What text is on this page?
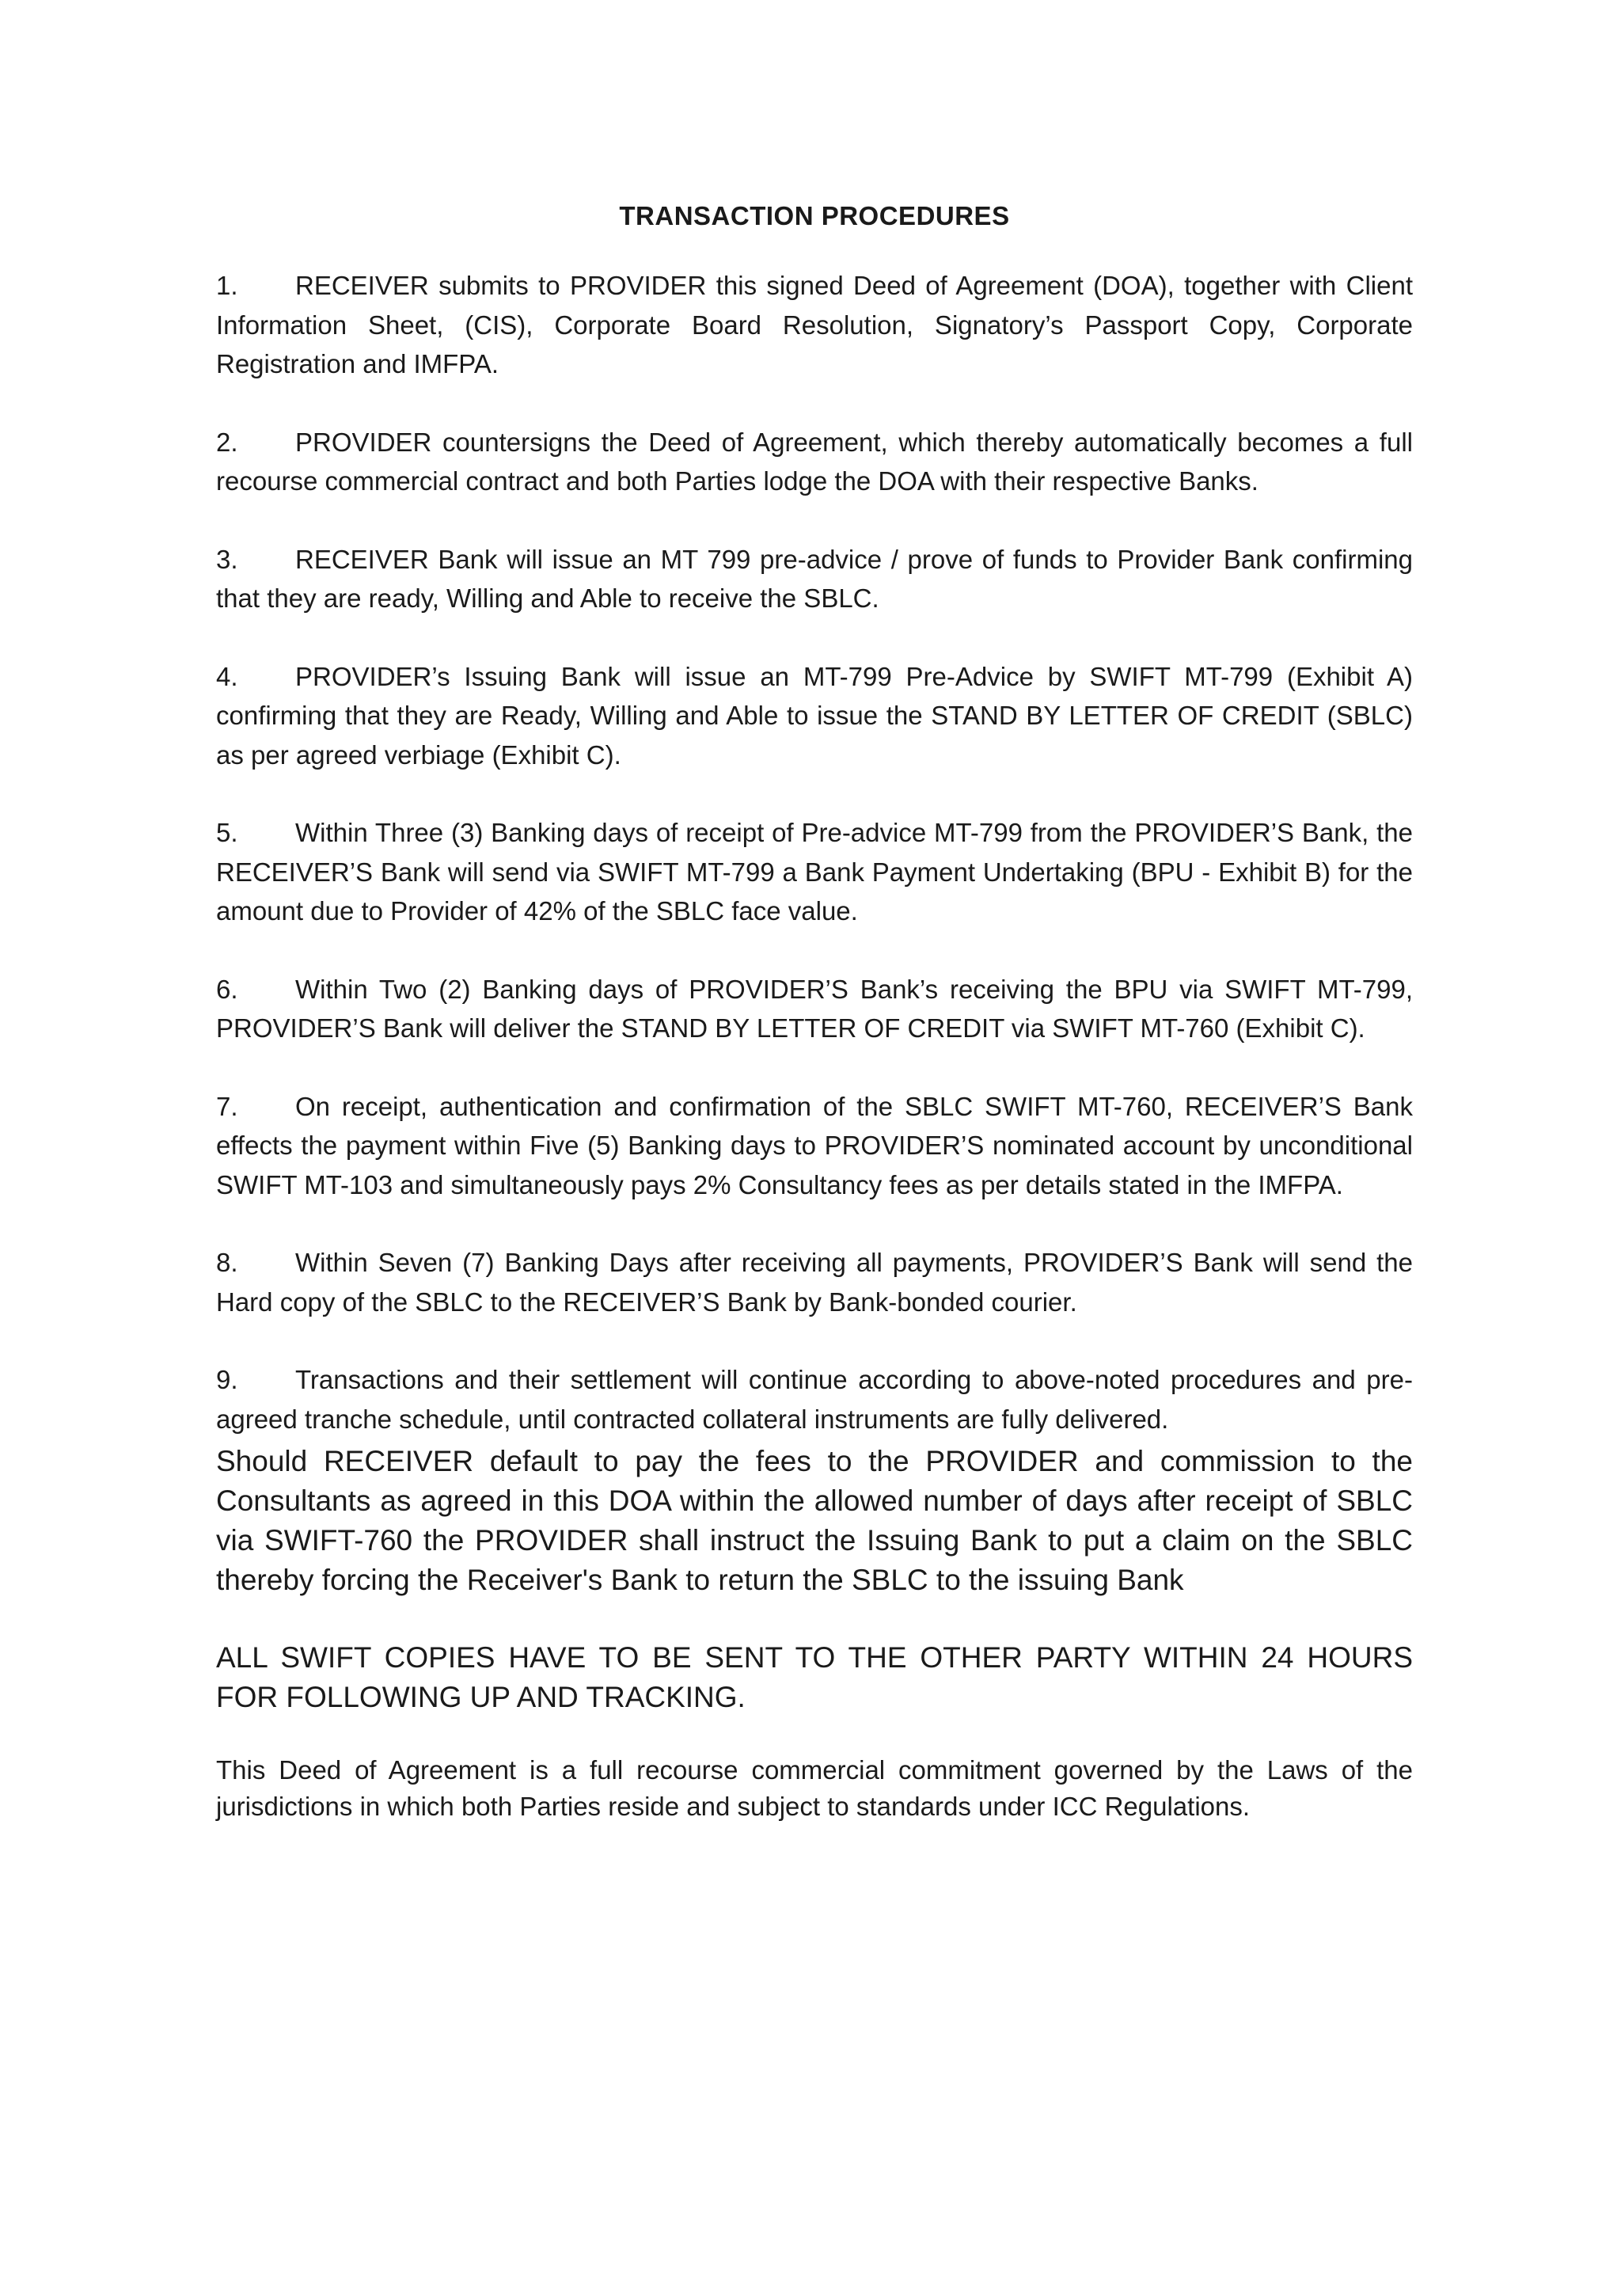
TRANSACTION PROCEDURES
1. RECEIVER submits to PROVIDER this signed Deed of Agreement (DOA), together with Client Information Sheet, (CIS), Corporate Board Resolution, Signatory’s Passport Copy, Corporate Registration and IMFPA.
2. PROVIDER countersigns the Deed of Agreement, which thereby automatically becomes a full recourse commercial contract and both Parties lodge the DOA with their respective Banks.
3. RECEIVER Bank will issue an MT 799 pre-advice / prove of funds to Provider Bank confirming that they are ready, Willing and Able to receive the SBLC.
4. PROVIDER’s Issuing Bank will issue an MT-799 Pre-Advice by SWIFT MT-799 (Exhibit A) confirming that they are Ready, Willing and Able to issue the STAND BY LETTER OF CREDIT (SBLC) as per agreed verbiage (Exhibit C).
5. Within Three (3) Banking days of receipt of Pre-advice MT-799 from the PROVIDER’S Bank, the RECEIVER’S Bank will send via SWIFT MT-799 a Bank Payment Undertaking (BPU - Exhibit B) for the amount due to Provider of 42% of the SBLC face value.
6. Within Two (2) Banking days of PROVIDER’S Bank’s receiving the BPU via SWIFT MT-799, PROVIDER’S Bank will deliver the STAND BY LETTER OF CREDIT via SWIFT MT-760 (Exhibit C).
7. On receipt, authentication and confirmation of the SBLC SWIFT MT-760, RECEIVER’S Bank effects the payment within Five (5) Banking days to PROVIDER’S nominated account by unconditional SWIFT MT-103 and simultaneously pays 2% Consultancy fees as per details stated in the IMFPA.
8. Within Seven (7) Banking Days after receiving all payments, PROVIDER’S Bank will send the Hard copy of the SBLC to the RECEIVER’S Bank by Bank-bonded courier.
9. Transactions and their settlement will continue according to above-noted procedures and pre-agreed tranche schedule, until contracted collateral instruments are fully delivered.
Should RECEIVER default to pay the fees to the PROVIDER and commission to the Consultants as agreed in this DOA within the allowed number of days after receipt of SBLC via SWIFT-760 the PROVIDER shall instruct the Issuing Bank to put a claim on the SBLC thereby forcing the Receiver's Bank to return the SBLC to the issuing Bank
ALL SWIFT COPIES HAVE TO BE SENT TO THE OTHER PARTY WITHIN 24 HOURS FOR FOLLOWING UP AND TRACKING.
This Deed of Agreement is a full recourse commercial commitment governed by the Laws of the jurisdictions in which both Parties reside and subject to standards under ICC Regulations.
